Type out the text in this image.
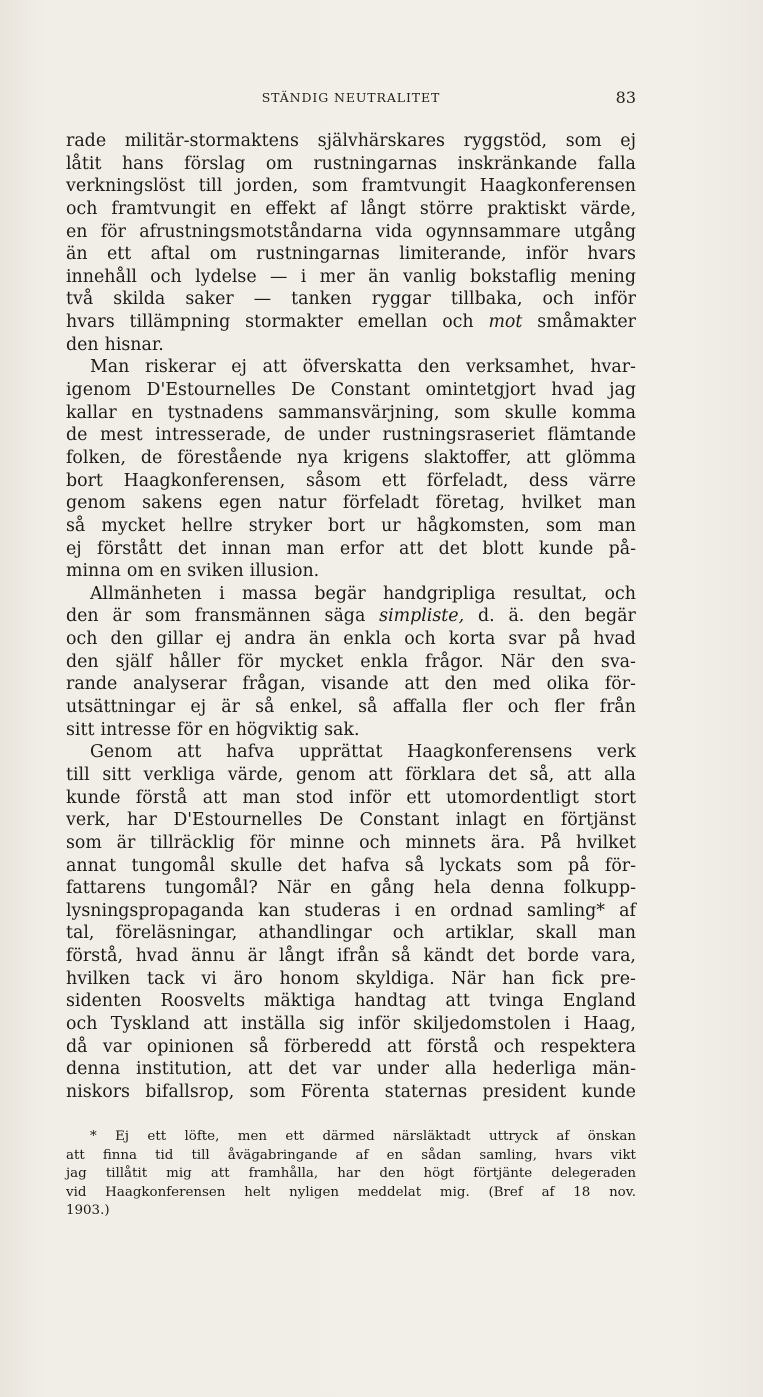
STÄNDIG NEUTRALITET	83
rade militär-stormaktens självhärskares ryggstöd, som ej
låtit hans förslag om rustningarnas inskränkande falla
verkningslöst till jorden, som framtvungit Haagkonferensen
och framtvungit en effekt af långt större praktiskt värde,
en för afrustningsmotståndarna vida ogynnsammare utgång
än ett aftal om rustningarnas limiterande, inför hvars
innehåll och lydelse — i mer än vanlig bokstaflig mening
två skilda saker — tanken ryggar tillbaka, och inför
hvars tillämpning stormakter emellan och mot småmakter
den hisnar.
Man riskerar ej att öfverskatta den verksamhet, hvar-
igenom D'Estournelles De Constant omintetgjort hvad jag
kallar en tystnadens sammansvärjning, som skulle komma
de mest intresserade, de under rustningsraseriet flämtande
folken, de förestående nya krigens slaktoffer, att glömma
bort Haagkonferensen, såsom ett förfeladt, dess värre
genom sakens egen natur förfeladt företag, hvilket man
så mycket hellre stryker bort ur hågkomsten, som man
ej förstått det innan man erfor att det blott kunde på-
minna om en sviken illusion.
Allmänheten i massa begär handgripliga resultat, och
den är som fransmännen säga simpliste, d. ä. den begär
och den gillar ej andra än enkla och korta svar på hvad
den själf håller för mycket enkla frågor. När den sva-
rande analyserar frågan, visande att den med olika för-
utsättningar ej är så enkel, så affalla fler och fler från
sitt intresse för en högviktig sak.
Genom att hafva upprättat Haagkonferensens verk
till sitt verkliga värde, genom att förklara det så, att alla
kunde förstå att man stod inför ett utomordentligt stort
verk, har D'Estournelles De Constant inlagt en förtjänst
som är tillräcklig för minne och minnets ära. På hvilket
annat tungomål skulle det hafva så lyckats som på för-
fattarens tungomål? När en gång hela denna folkupp-
lysningspropaganda kan studeras i en ordnad samling* af
tal, föreläsningar, athandlingar och artiklar, skall man
förstå, hvad ännu är långt ifrån så kändt det borde vara,
hvilken tack vi äro honom skyldiga. När han fick pre-
sidenten Roosvelts mäktiga handtag att tvinga England
och Tyskland att inställa sig inför skiljedomstolen i Haag,
då var opinionen så förberedd att förstå och respektera
denna institution, att det var under alla hederliga män-
niskors bifallsrop, som Förenta staternas president kunde
* Ej ett löfte, men ett därmed närsläktadt uttryck af önskan
att finna tid till åvägabringande af en sådan samling, hvars vikt
jag tillåtit mig att framhålla, har den högt förtjänte delegeraden
vid Haagkonferensen helt nyligen meddelat mig. (Bref af 18 nov.
1903.)
